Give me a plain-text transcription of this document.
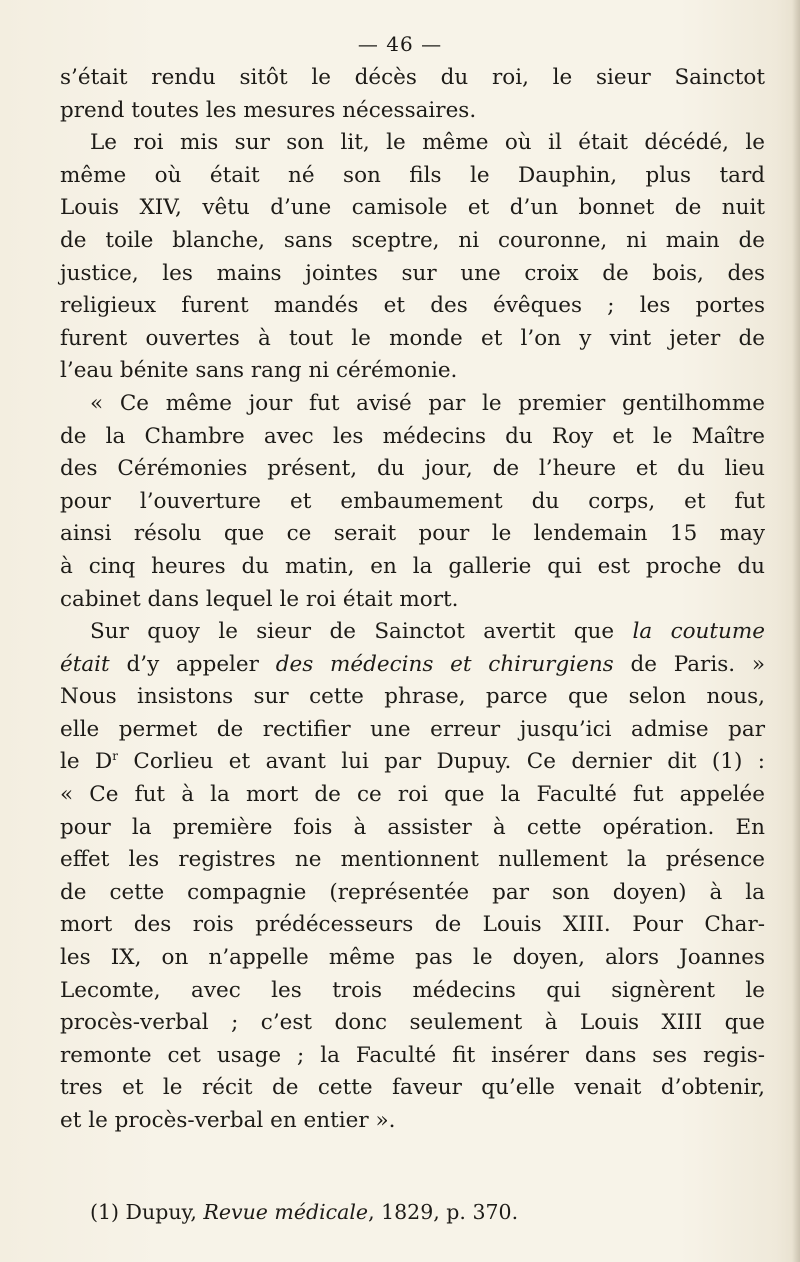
— 46 —
s’était rendu sitôt le décès du roi, le sieur Sainctot
prend toutes les mesures nécessaires.
Le roi mis sur son lit, le même où il était décédé, le
même où était né son fils le Dauphin, plus tard
Louis XIV, vêtu d’une camisole et d’un bonnet de nuit
de toile blanche, sans sceptre, ni couronne, ni main de
justice, les mains jointes sur une croix de bois, des
religieux furent mandés et des évêques ; les portes
furent ouvertes à tout le monde et l’on y vint jeter de
l’eau bénite sans rang ni cérémonie.
« Ce même jour fut avisé par le premier gentilhomme
de la Chambre avec les médecins du Roy et le Maître
des Cérémonies présent, du jour, de l’heure et du lieu
pour l’ouverture et embaumement du corps, et fut
ainsi résolu que ce serait pour le lendemain 15 may
à cinq heures du matin, en la gallerie qui est proche du
cabinet dans lequel le roi était mort.
Sur quoy le sieur de Sainctot avertit que la coutume
était d’y appeler des médecins et chirurgiens de Paris. »
Nous insistons sur cette phrase, parce que selon nous,
elle permet de rectifier une erreur jusqu’ici admise par
le $D^r$ Corlieu et avant lui par Dupuy. Ce dernier dit (1) :
« Ce fut à la mort de ce roi que la Faculté fut appelée
pour la première fois à assister à cette opération. En
effet les registres ne mentionnent nullement la présence
de cette compagnie (représentée par son doyen) à la
mort des rois prédécesseurs de Louis XIII. Pour Char-
les IX, on n’appelle même pas le doyen, alors Joannes
Lecomte, avec les trois médecins qui signèrent le
procès-verbal ; c’est donc seulement à Louis XIII que
remonte cet usage ; la Faculté fit insérer dans ses regis-
tres et le récit de cette faveur qu’elle venait d’obtenir,
et le procès-verbal en entier ».
(1) Dupuy, Revue médicale, 1829, p. 370.
